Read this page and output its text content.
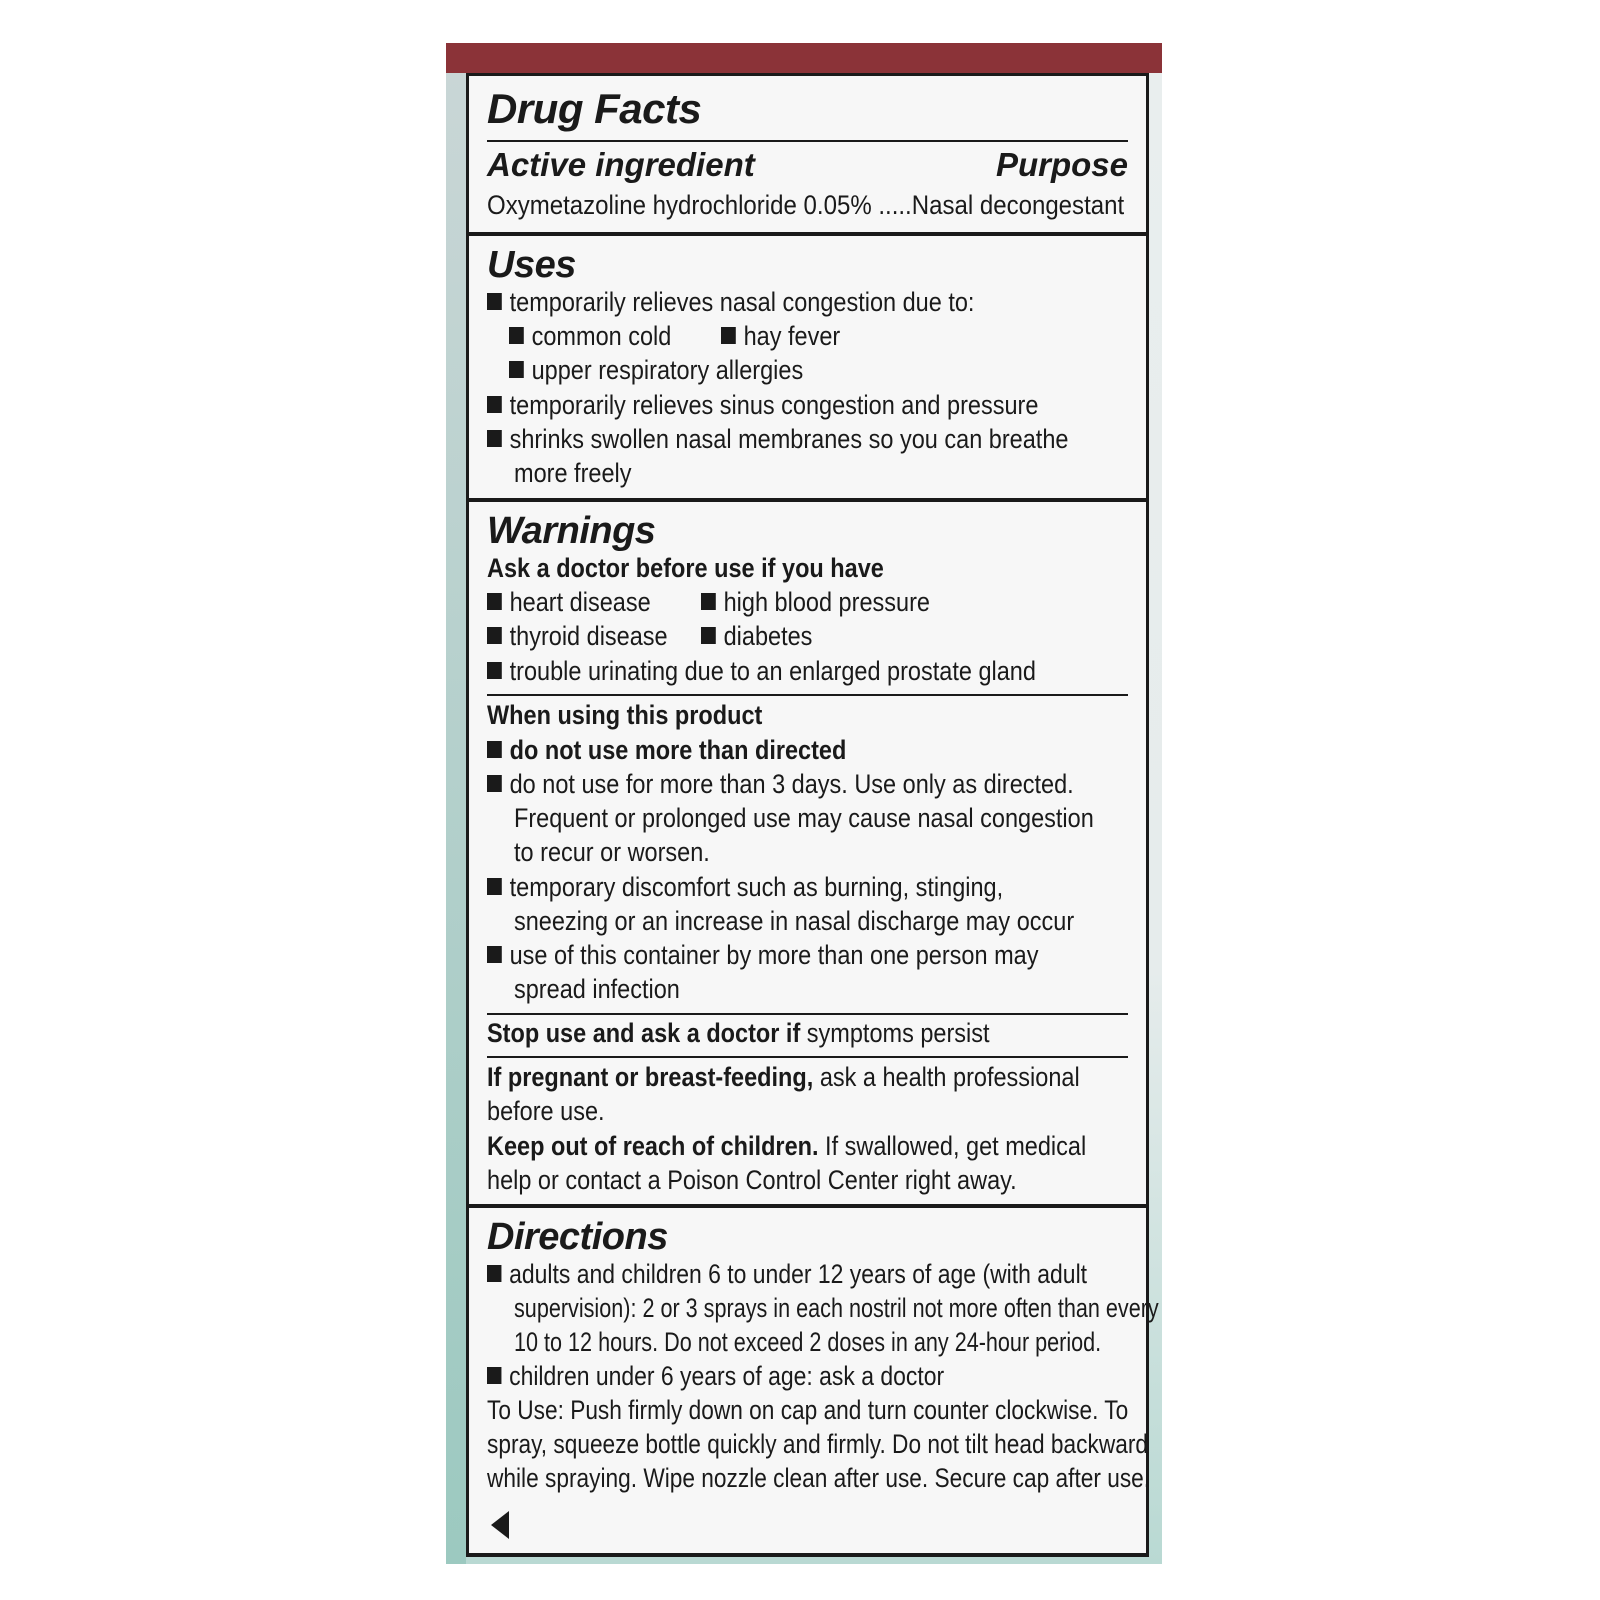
Drug Facts
Active ingredient	Purpose
Oxymetazoline hydrochloride 0.05% .....Nasal decongestant
Uses
temporarily relieves nasal congestion due to:
common cold	hay fever
upper respiratory allergies
temporarily relieves sinus congestion and pressure
shrinks swollen nasal membranes so you can breathe
more freely
Warnings
Ask a doctor before use if you have
heart disease	high blood pressure
thyroid disease	diabetes
trouble urinating due to an enlarged prostate gland
When using this product
do not use more than directed
do not use for more than 3 days. Use only as directed.
Frequent or prolonged use may cause nasal congestion
to recur or worsen.
temporary discomfort such as burning, stinging,
sneezing or an increase in nasal discharge may occur
use of this container by more than one person may
spread infection
Stop use and ask a doctor if symptoms persist
If pregnant or breast-feeding, ask a health professional
before use.
Keep out of reach of children. If swallowed, get medical
help or contact a Poison Control Center right away.
Directions
adults and children 6 to under 12 years of age (with adult
supervision): 2 or 3 sprays in each nostril not more often than every
10 to 12 hours. Do not exceed 2 doses in any 24-hour period.
children under 6 years of age: ask a doctor
To Use: Push firmly down on cap and turn counter clockwise. To
spray, squeeze bottle quickly and firmly. Do not tilt head backward
while spraying. Wipe nozzle clean after use. Secure cap after use.
